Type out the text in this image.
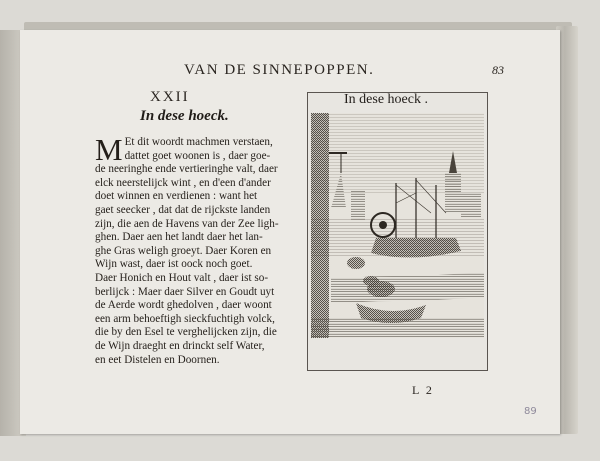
VAN DE SINNEPOPPEN.	83
XXII
In dese hoeck.
M Et dit woordt machmen verstaen,
dattet goet woonen is , daer goe-
de neeringhe ende vertieringhe valt, daer
elck neerstelijck wint , en d'een d'ander
doet winnen en verdienen : want het
gaet seecker , dat dat de rijckste landen
zijn, die aen de Havens van der Zee ligh-
ghen. Daer aen het landt daer het lan-
ghe Gras weligh groeyt. Daer Koren en
Wijn wast, daer ist oock noch goet.
Daer Honich en Hout valt , daer ist so-
berlijck : Maer daer Silver en Goudt uyt
de Aerde wordt ghedolven , daer woont
een arm behoeftigh sieckfuchtigh volck,
die by den Esel te verghelijcken zijn, die
de Wijn draeght en drinckt self Water,
en eet Distelen en Doornen.
In dese hoeck .
L 2
89
